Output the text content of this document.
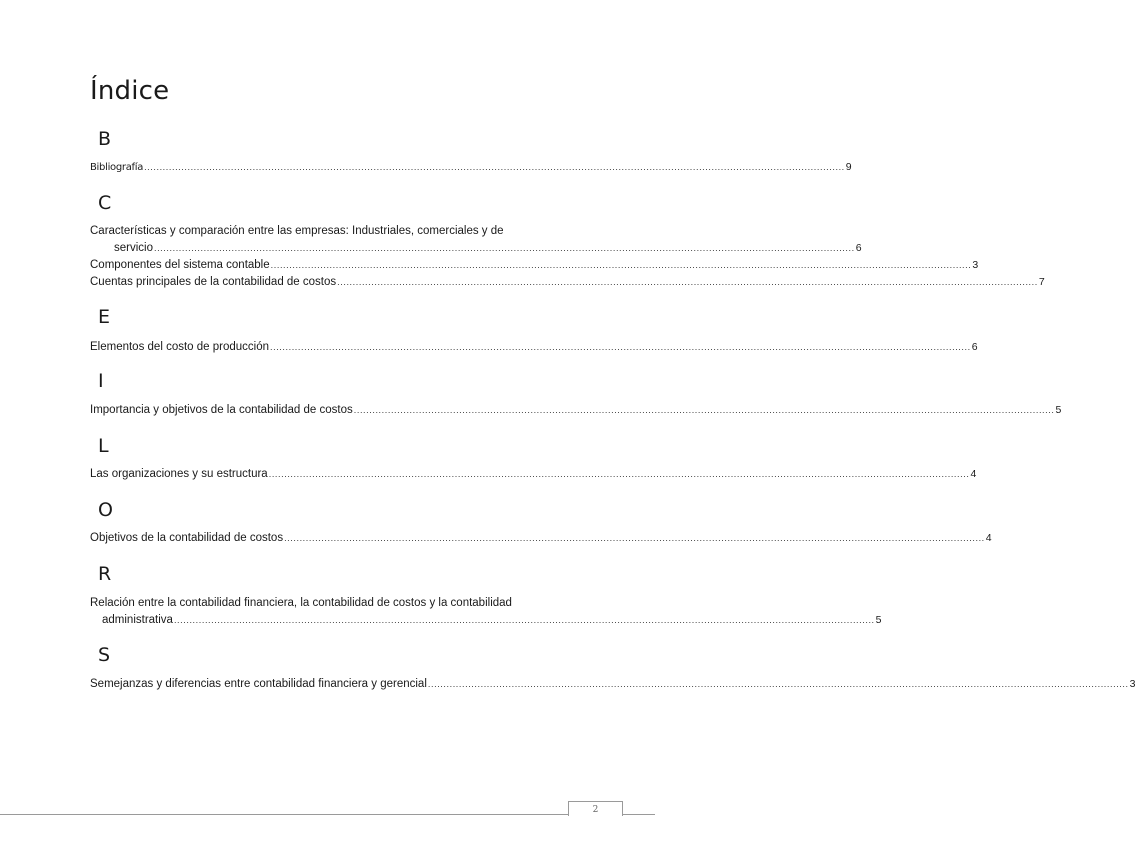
Índice
B
Bibliografía .....	9
C
Características y comparación entre las empresas: Industriales, comerciales y de
servicio .....	6
Componentes del sistema contable .....	3
Cuentas principales de la contabilidad de costos .....	7
E
Elementos del costo de producción .....	6
I
Importancia y objetivos de la contabilidad de costos .....	5
L
Las organizaciones y su estructura .....	4
O
Objetivos de la contabilidad de costos .....	4
R
Relación entre la contabilidad financiera, la contabilidad de costos y la contabilidad
administrativa .....	5
S
Semejanzas y diferencias entre contabilidad financiera y gerencial .....	3
2
